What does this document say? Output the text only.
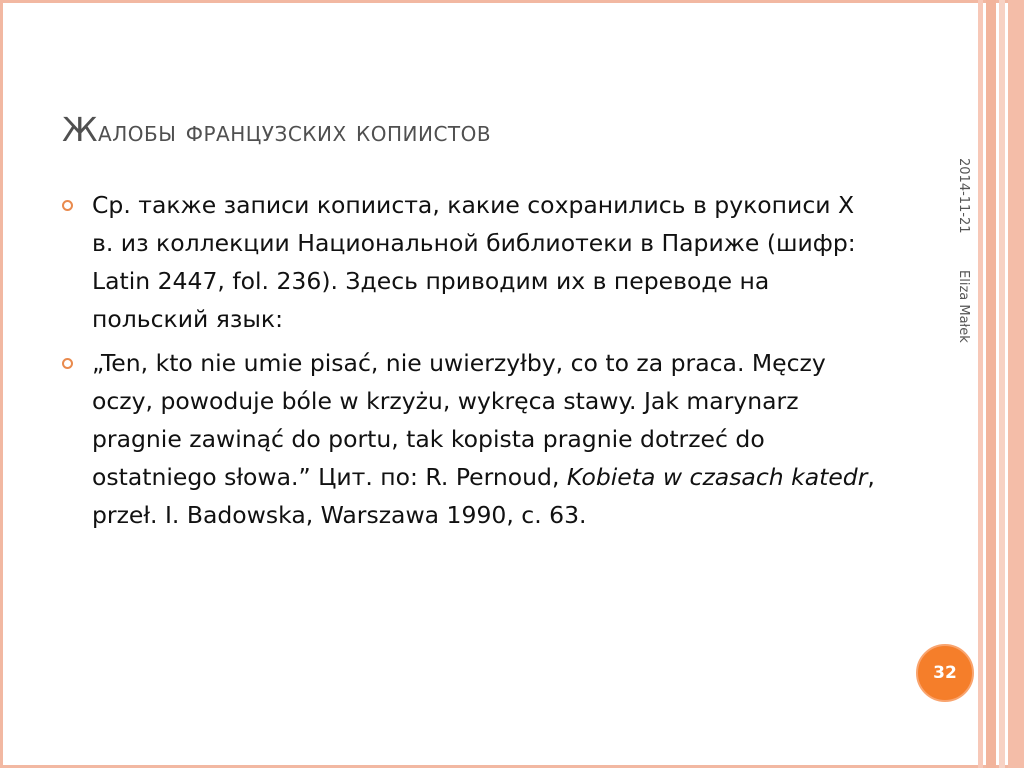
Жалобы французских копиистов
Ср. также записи копииста, какие сохранились в рукописи X в. из коллекции Национальной библиотеки в Париже (шифр: Latin 2447, fol. 236). Здесь приводим их в переводе на польский язык:
„Ten, kto nie umie pisać, nie uwierzyłby, co to za praca. Męczy oczy, powoduje bóle w krzyżu, wykręca stawy. Jak marynarz pragnie zawinąć do portu, tak kopista pragnie dotrzeć do ostatniego słowa.” Цит. по: R. Pernoud, Kobieta w czasach katedr, przeł. I. Badowska, Warszawa 1990, с. 63.
2014-11-21
Eliza Małek
32
